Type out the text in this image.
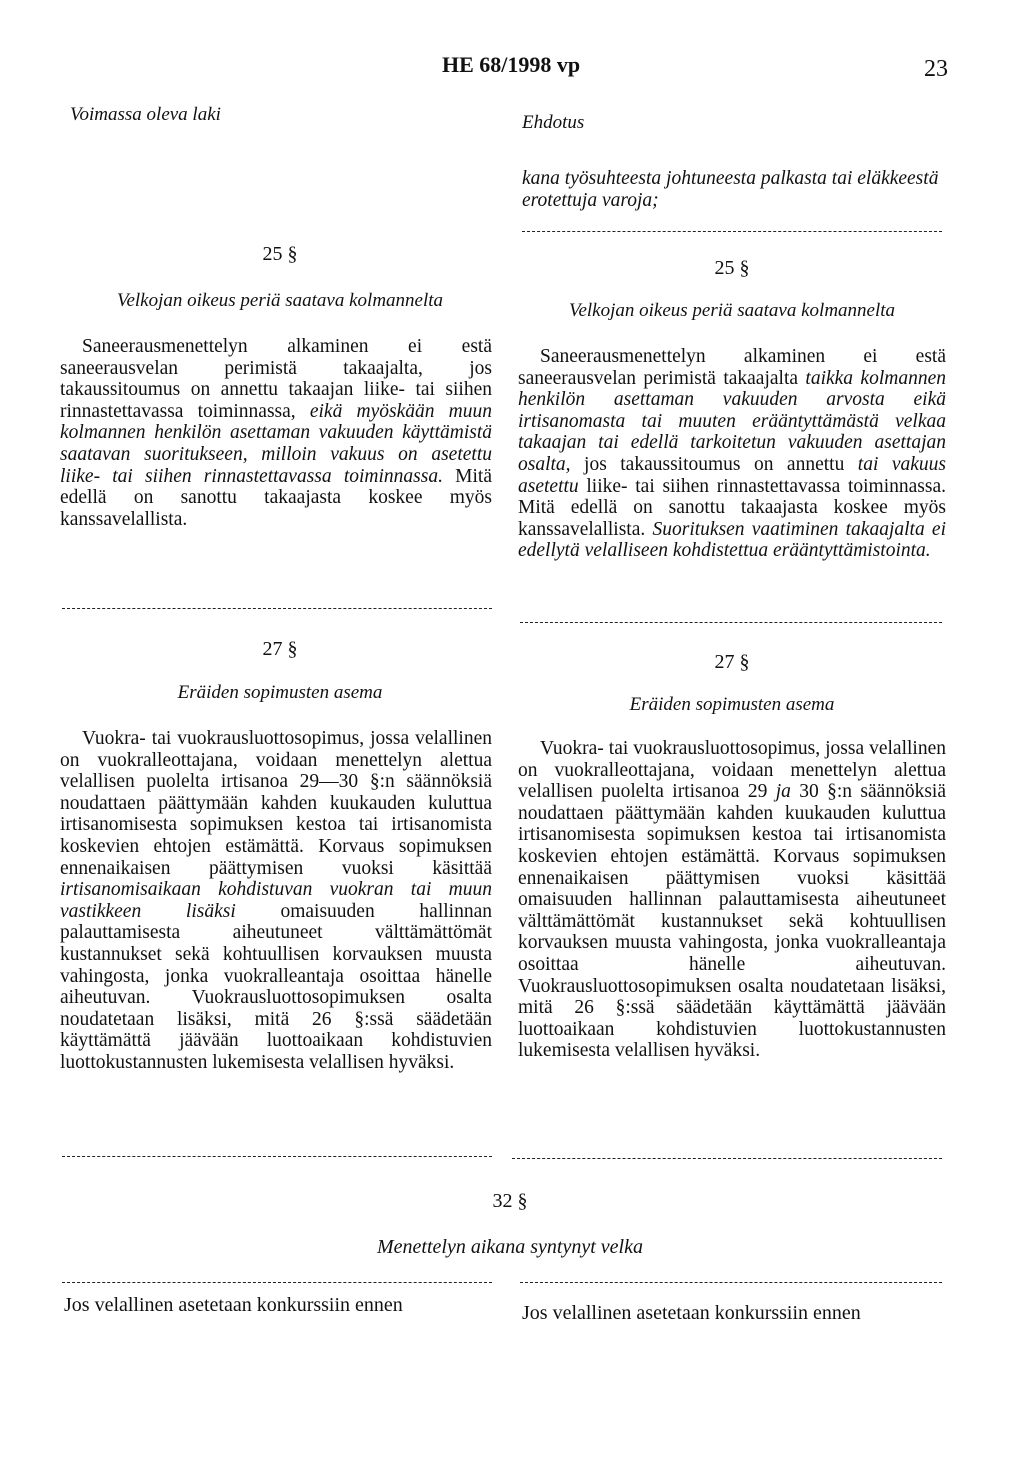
HE 68/1998 vp	23
Voimassa oleva laki	Ehdotus
kana työsuhteesta johtuneesta palkasta tai eläkkeestä erotettuja varoja;
25 §
Velkojan oikeus periä saatava kolmannelta

Saneerausmenettelyn alkaminen ei estä saneerausvelan perimistä takaajalta, jos takaussitoumus on annettu takaajan liike- tai siihen rinnastettavassa toiminnassa, eikä myöskään muun kolmannen henkilön asettaman vakuuden käyttämistä saatavan suoritukseen, milloin vakuus on asetettu liike- tai siihen rinnastettavassa toiminnassa. Mitä edellä on sanottu takaajasta koskee myös kanssavelallista.

25 §
Velkojan oikeus periä saatava kolmannelta

Saneerausmenettelyn alkaminen ei estä saneerausvelan perimistä takaajalta taikka kolmannen henkilön asettaman vakuuden arvosta eikä irtisanomasta tai muuten erääntyttämästä velkaa takaajan tai edellä tarkoitetun vakuuden asettajan osalta, jos takaussitoumus on annettu tai vakuus asetettu liike- tai siihen rinnastettavassa toiminnassa. Mitä edellä on sanottu takaajasta koskee myös kanssavelallista. Suorituksen vaatiminen takaajalta ei edellytä velalliseen kohdistettua erääntyttämistointa.

27 §
Eräiden sopimusten asema

Vuokra- tai vuokrausluottosopimus, jossa velallinen on vuokralleottajana, voidaan menettelyn alettua velallisen puolelta irtisanoa 29—30 §:n säännöksiä noudattaen päättymään kahden kuukauden kuluttua irtisanomisesta sopimuksen kestoa tai irtisanomista koskevien ehtojen estämättä. Korvaus sopimuksen ennenaikaisen päättymisen vuoksi käsittää irtisanomisaikaan kohdistuvan vuokran tai muun vastikkeen lisäksi omaisuuden hallinnan palauttamisesta aiheutuneet välttämättömät kustannukset sekä kohtuullisen korvauksen muusta vahingosta, jonka vuokralleantaja osoittaa hänelle aiheutuvan. Vuokrausluottosopimuksen osalta noudatetaan lisäksi, mitä 26 §:ssä säädetään käyttämättä jäävään luottoaikaan kohdistuvien luottokustannusten lukemisesta velallisen hyväksi.

27 §
Eräiden sopimusten asema

Vuokra- tai vuokrausluottosopimus, jossa velallinen on vuokralleottajana, voidaan menettelyn alettua velallisen puolelta irtisanoa 29 ja 30 §:n säännöksiä noudattaen päättymään kahden kuukauden kuluttua irtisanomisesta sopimuksen kestoa tai irtisanomista koskevien ehtojen estämättä. Korvaus sopimuksen ennenaikaisen päättymisen vuoksi käsittää omaisuuden hallinnan palauttamisesta aiheutuneet välttämättömät kustannukset sekä kohtuullisen korvauksen muusta vahingosta, jonka vuokralleantaja osoittaa hänelle aiheutuvan. Vuokrausluottosopimuksen osalta noudatetaan lisäksi, mitä 26 §:ssä säädetään käyttämättä jäävään luottoaikaan kohdistuvien luottokustannusten lukemisesta velallisen hyväksi.

32 §
Menettelyn aikana syntynyt velka
Jos velallinen asetetaan konkurssiin ennen	Jos velallinen asetetaan konkurssiin ennen
